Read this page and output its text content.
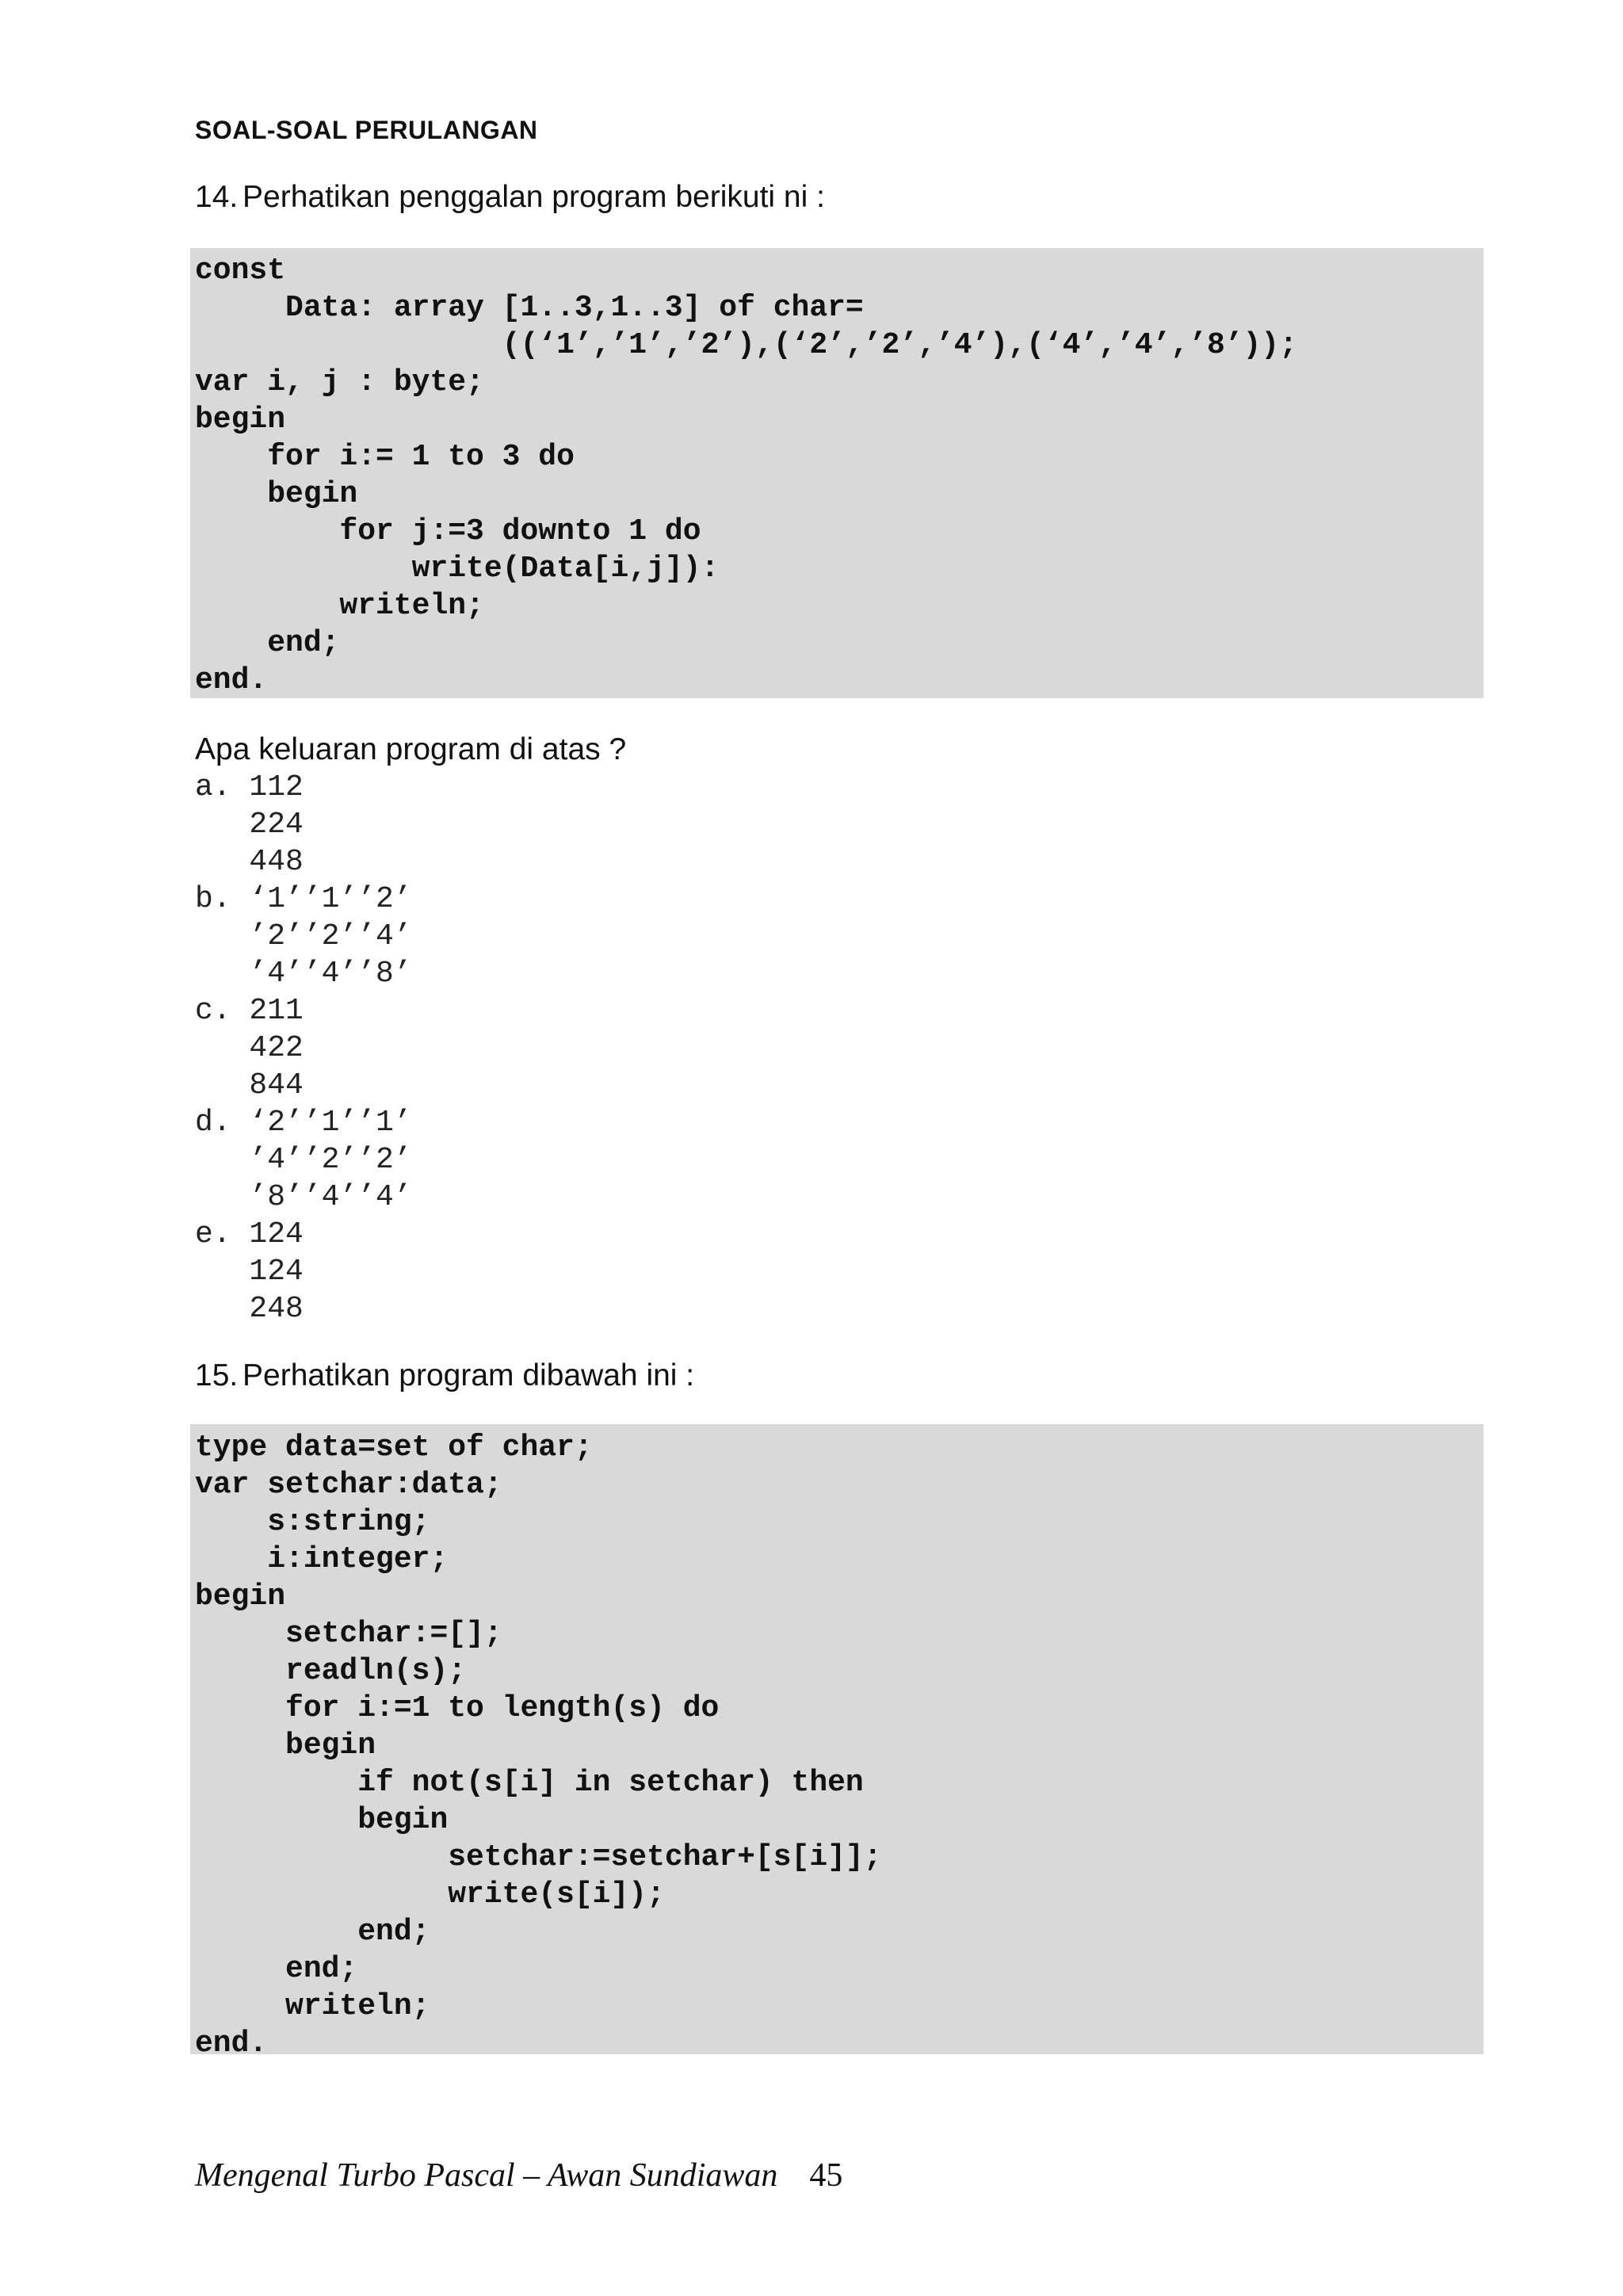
SOAL-SOAL PERULANGAN

14. Perhatikan penggalan program berikuti ni :

const
Data: array [1..3,1..3] of char=
((‘1’,’1’,’2’),(‘2’,’2’,’4’),(‘4’,’4’,’8’));
var i, j : byte;
begin
for i:= 1 to 3 do
begin
for j:=3 downto 1 do
write(Data[i,j]):
writeln;
end;
end.

Apa keluaran program di atas ?

a. 112
224
448
b. ‘1’’1’’2’
’2’’2’’4’
’4’’4’’8’
c. 211
422
844
d. ‘2’’1’’1’
’4’’2’’2’
’8’’4’’4’
e. 124
124
248

15. Perhatikan program dibawah ini :

type data=set of char;
var setchar:data;
s:string;
i:integer;
begin
setchar:=[];
readln(s);
for i:=1 to length(s) do
begin
if not(s[i] in setchar) then
begin
setchar:=setchar+[s[i]];
write(s[i]);
end;
end;
writeln;
end.

Mengenal Turbo Pascal – Awan Sundiawan 45
